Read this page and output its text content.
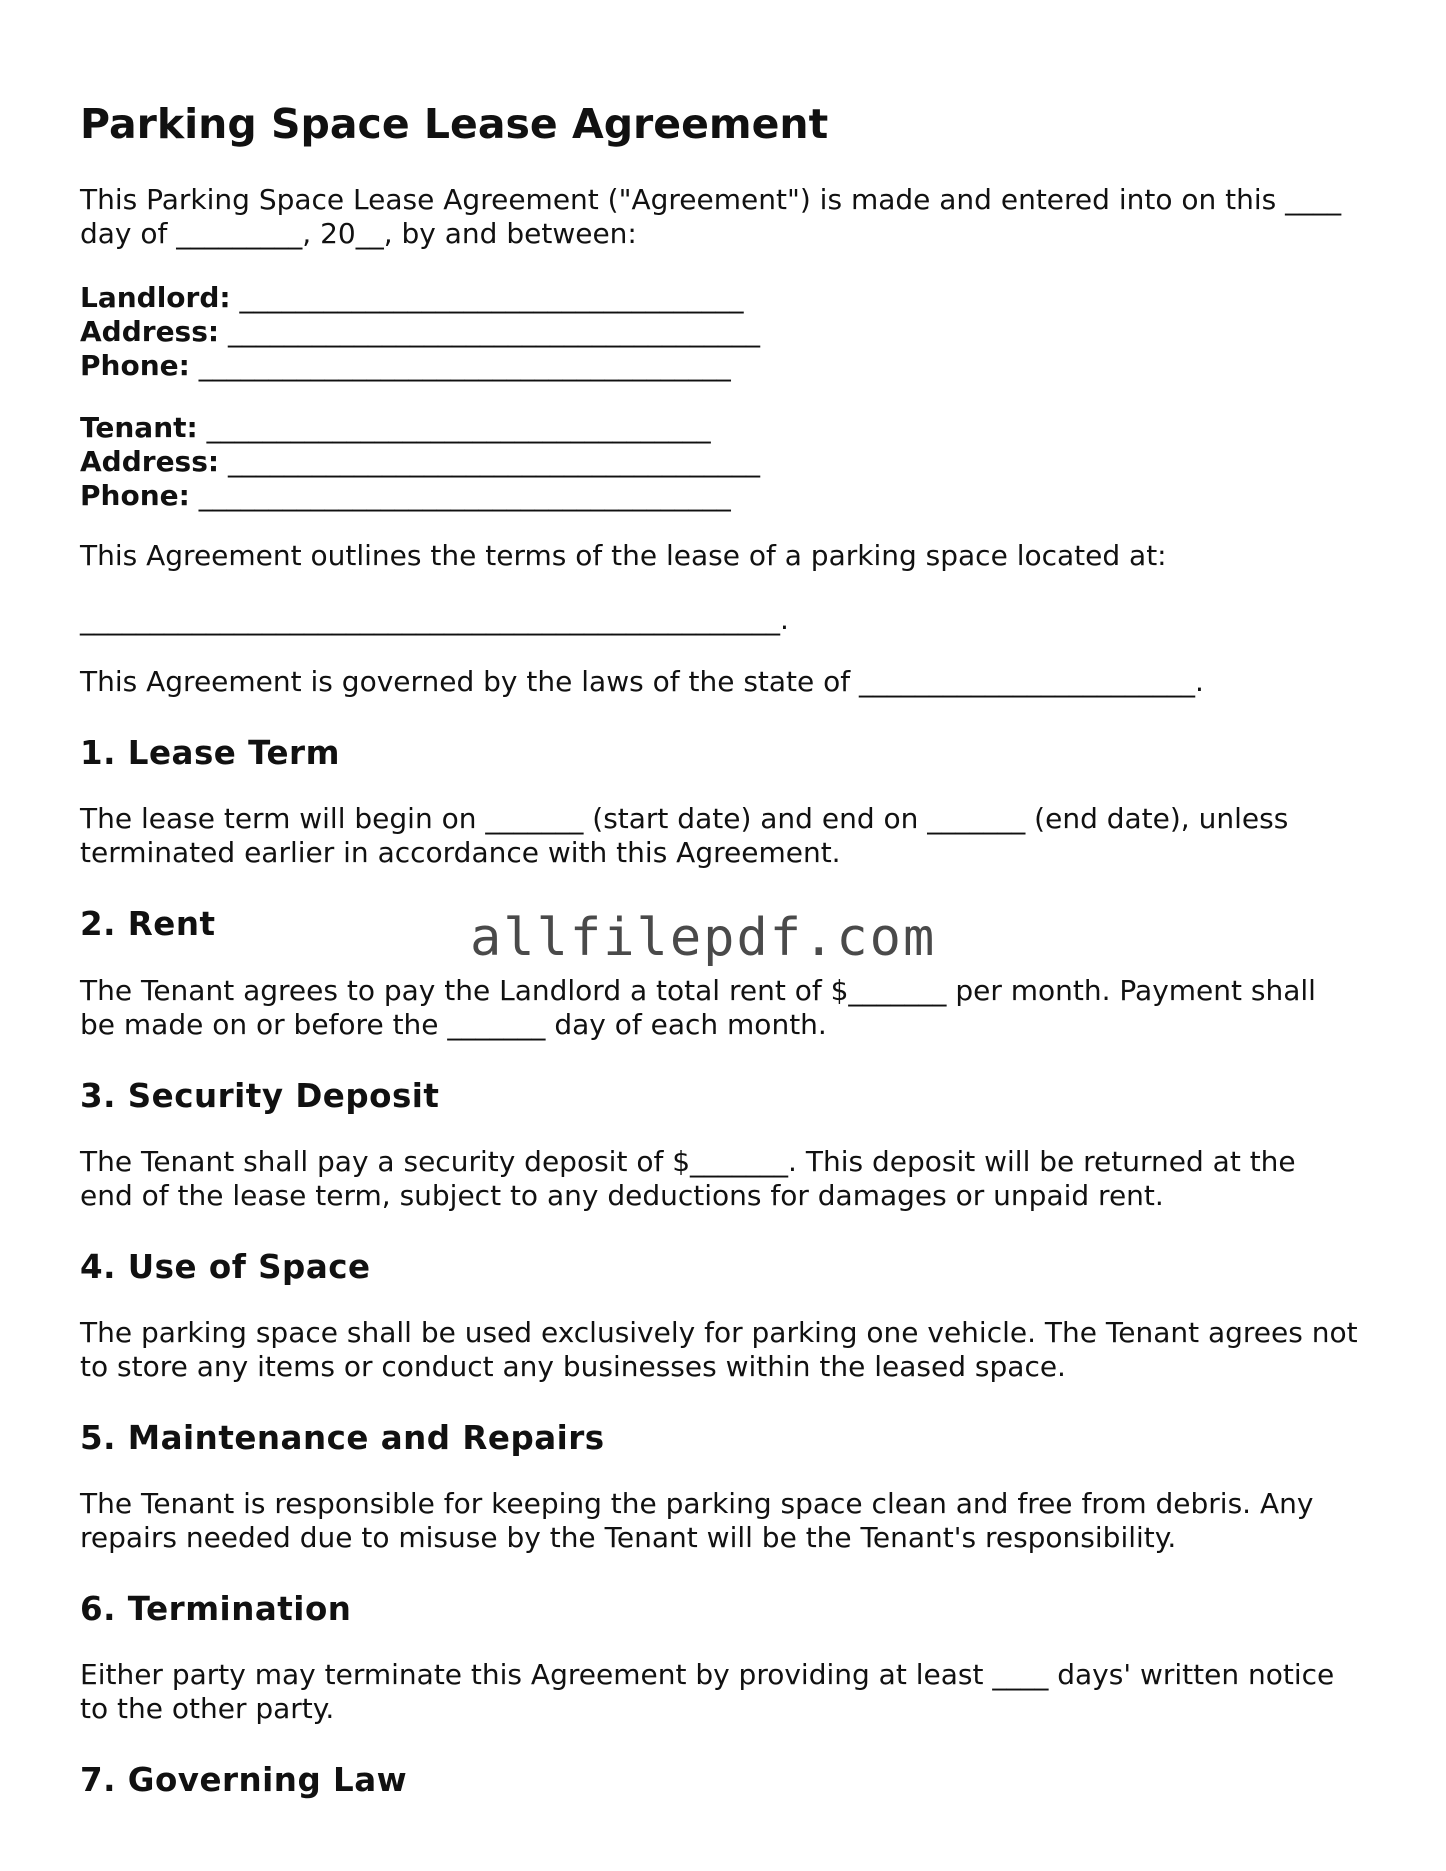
Parking Space Lease Agreement

This Parking Space Lease Agreement ("Agreement") is made and entered into on this ____
day of _________, 20__, by and between:

Landlord: ____________________________________
Address: ______________________________________
Phone: ______________________________________
Tenant: ____________________________________
Address: ______________________________________
Phone: ______________________________________

This Agreement outlines the terms of the lease of a parking space located at:

__________________________________________________.

This Agreement is governed by the laws of the state of ________________________.

1. Lease Term

The lease term will begin on _______ (start date) and end on _______ (end date), unless
terminated earlier in accordance with this Agreement.

2. Rent

The Tenant agrees to pay the Landlord a total rent of $_______ per month. Payment shall
be made on or before the _______ day of each month.

3. Security Deposit

The Tenant shall pay a security deposit of $_______. This deposit will be returned at the
end of the lease term, subject to any deductions for damages or unpaid rent.

4. Use of Space

The parking space shall be used exclusively for parking one vehicle. The Tenant agrees not
to store any items or conduct any businesses within the leased space.

5. Maintenance and Repairs

The Tenant is responsible for keeping the parking space clean and free from debris. Any
repairs needed due to misuse by the Tenant will be the Tenant's responsibility.

6. Termination

Either party may terminate this Agreement by providing at least ____ days' written notice
to the other party.

7. Governing Law
allfilepdf.com
